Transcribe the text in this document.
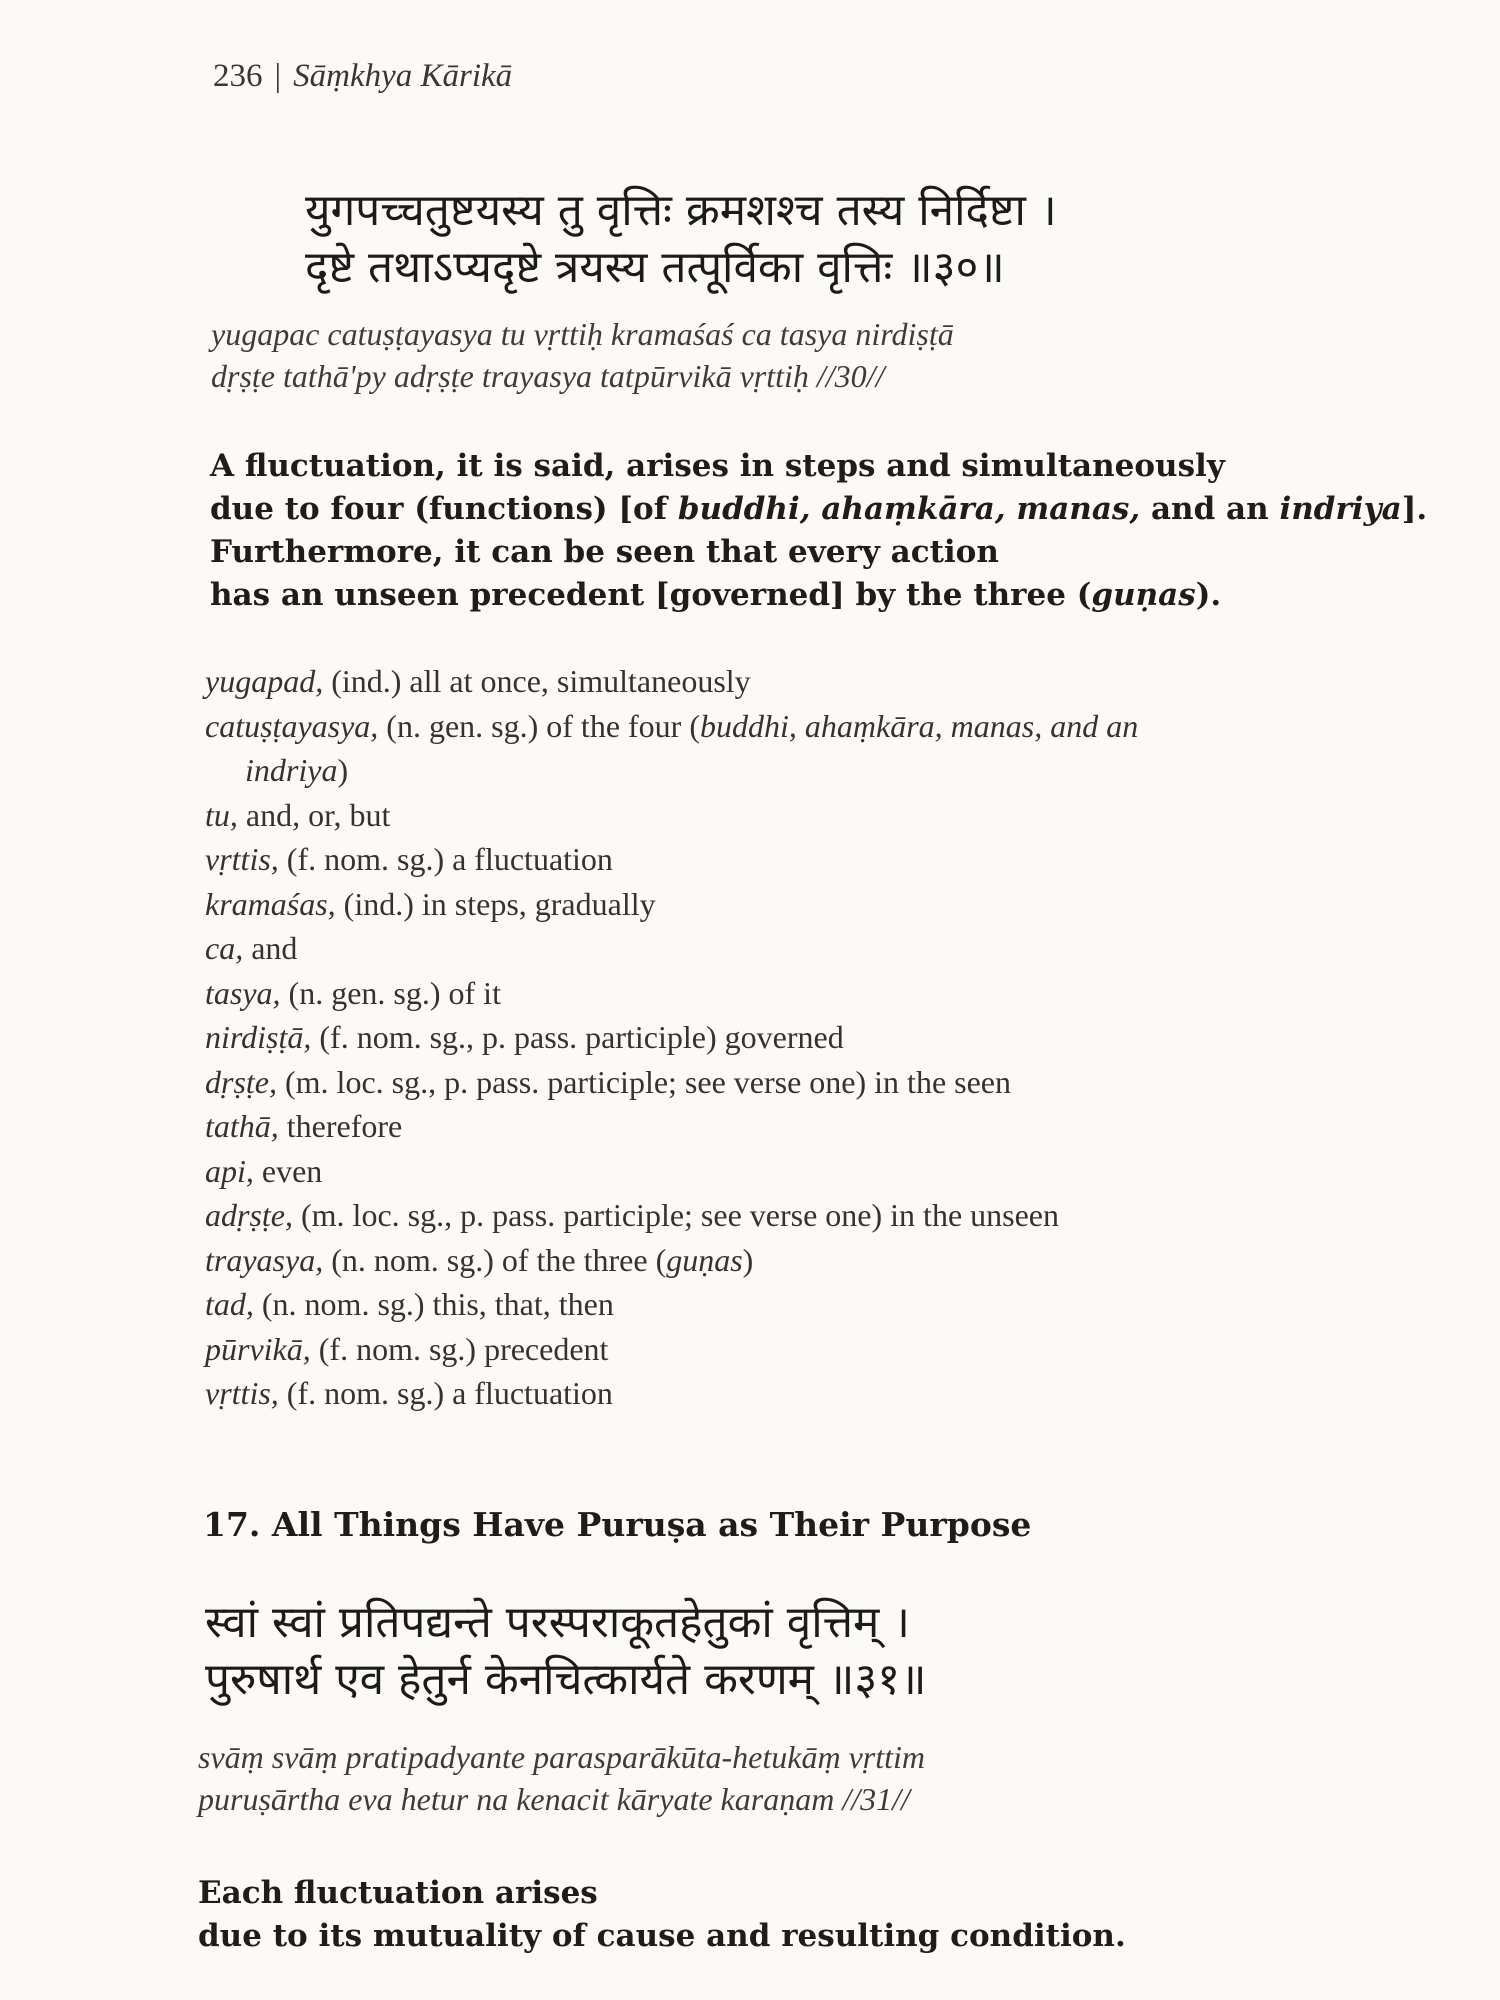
236 | Sāṃkhya Kārikā
युगपच्चतुष्टयस्य तु वृत्तिः क्रमशश्च तस्य निर्दिष्टा ।
दृष्टे तथाऽप्यदृष्टे त्रयस्य तत्पूर्विका वृत्तिः ॥३०॥
yugapac catuṣṭayasya tu vṛttiḥ kramaśaś ca tasya nirdiṣṭā
dṛṣṭe tathā'py adṛṣṭe trayasya tatpūrvikā vṛttiḥ //30//
A fluctuation, it is said, arises in steps and simultaneously
due to four (functions) [of buddhi, ahaṃkāra, manas, and an indriya].
Furthermore, it can be seen that every action
has an unseen precedent [governed] by the three (guṇas).
yugapad, (ind.) all at once, simultaneously
catuṣṭayasya, (n. gen. sg.) of the four (buddhi, ahaṃkāra, manas, and an
indriya)
tu, and, or, but
vṛttis, (f. nom. sg.) a fluctuation
kramaśas, (ind.) in steps, gradually
ca, and
tasya, (n. gen. sg.) of it
nirdiṣṭā, (f. nom. sg., p. pass. participle) governed
dṛṣṭe, (m. loc. sg., p. pass. participle; see verse one) in the seen
tathā, therefore
api, even
adṛṣṭe, (m. loc. sg., p. pass. participle; see verse one) in the unseen
trayasya, (n. nom. sg.) of the three (guṇas)
tad, (n. nom. sg.) this, that, then
pūrvikā, (f. nom. sg.) precedent
vṛttis, (f. nom. sg.) a fluctuation
17. All Things Have Puruṣa as Their Purpose
स्वां स्वां प्रतिपद्यन्ते परस्पराकूतहेतुकां वृत्तिम् ।
पुरुषार्थ एव हेतुर्न केनचित्कार्यते करणम् ॥३१॥
svāṃ svāṃ pratipadyante parasparākūta-hetukāṃ vṛttim
puruṣārtha eva hetur na kenacit kāryate karaṇam //31//
Each fluctuation arises
due to its mutuality of cause and resulting condition.
